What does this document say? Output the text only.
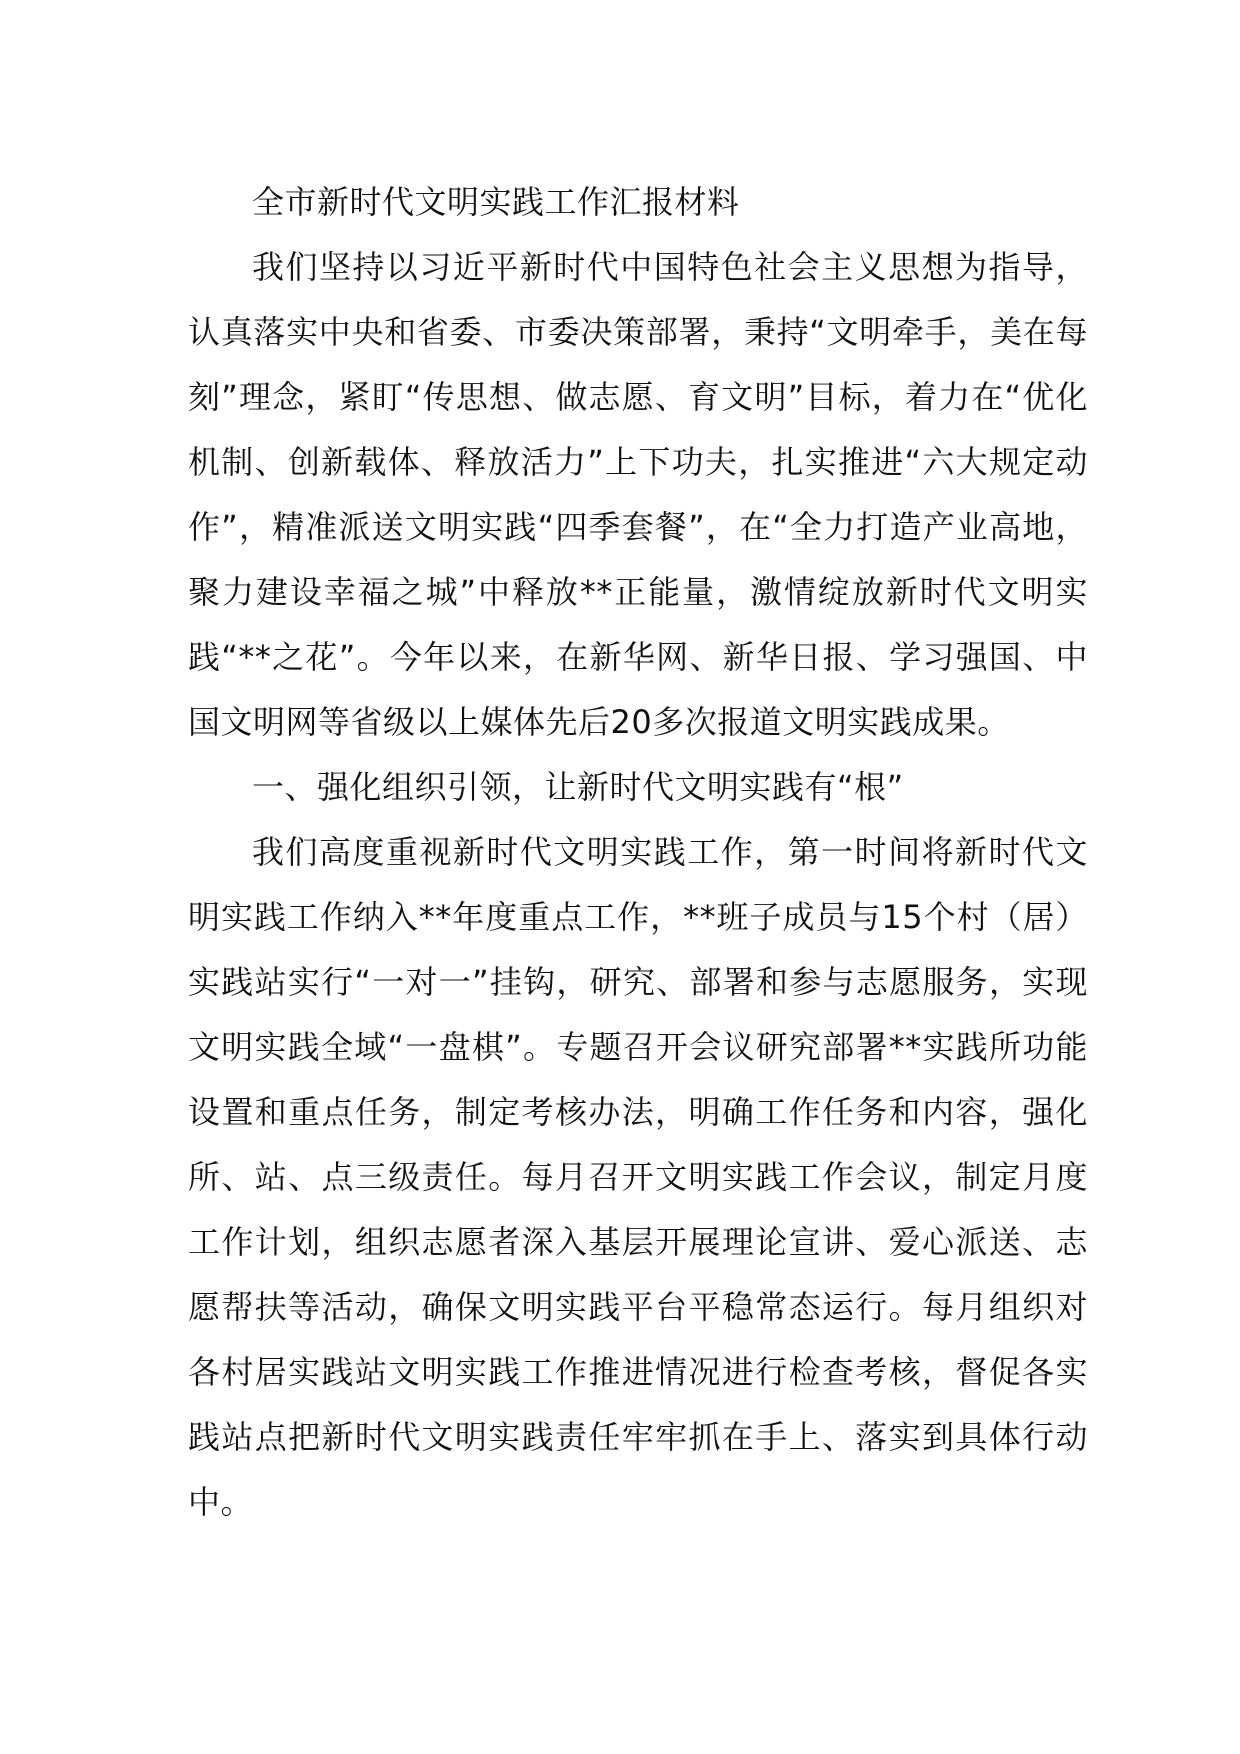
全市新时代文明实践工作汇报材料

我们坚持以习近平新时代中国特色社会主义思想为指导，认真落实中央和省委、市委决策部署，秉持“文明牵手，美在每刻”理念，紧盯“传思想、做志愿、育文明”目标，着力在“优化机制、创新载体、释放活力”上下功夫，扎实推进“六大规定动作”，精准派送文明实践“四季套餐”，在“全力打造产业高地，聚力建设幸福之城”中释放**正能量，激情绽放新时代文明实践“**之花”。今年以来，在新华网、新华日报、学习强国、中国文明网等省级以上媒体先后20多次报道文明实践成果。

一、强化组织引领，让新时代文明实践有“根”

我们高度重视新时代文明实践工作，第一时间将新时代文明实践工作纳入**年度重点工作，**班子成员与15个村（居）实践站实行“一对一”挂钩，研究、部署和参与志愿服务，实现文明实践全域“一盘棋”。专题召开会议研究部署**实践所功能设置和重点任务，制定考核办法，明确工作任务和内容，强化所、站、点三级责任。每月召开文明实践工作会议，制定月度工作计划，组织志愿者深入基层开展理论宣讲、爱心派送、志愿帮扶等活动，确保文明实践平台平稳常态运行。每月组织对各村居实践站文明实践工作推进情况进行检查考核，督促各实践站点把新时代文明实践责任牢牢抓在手上、落实到具体行动中。
